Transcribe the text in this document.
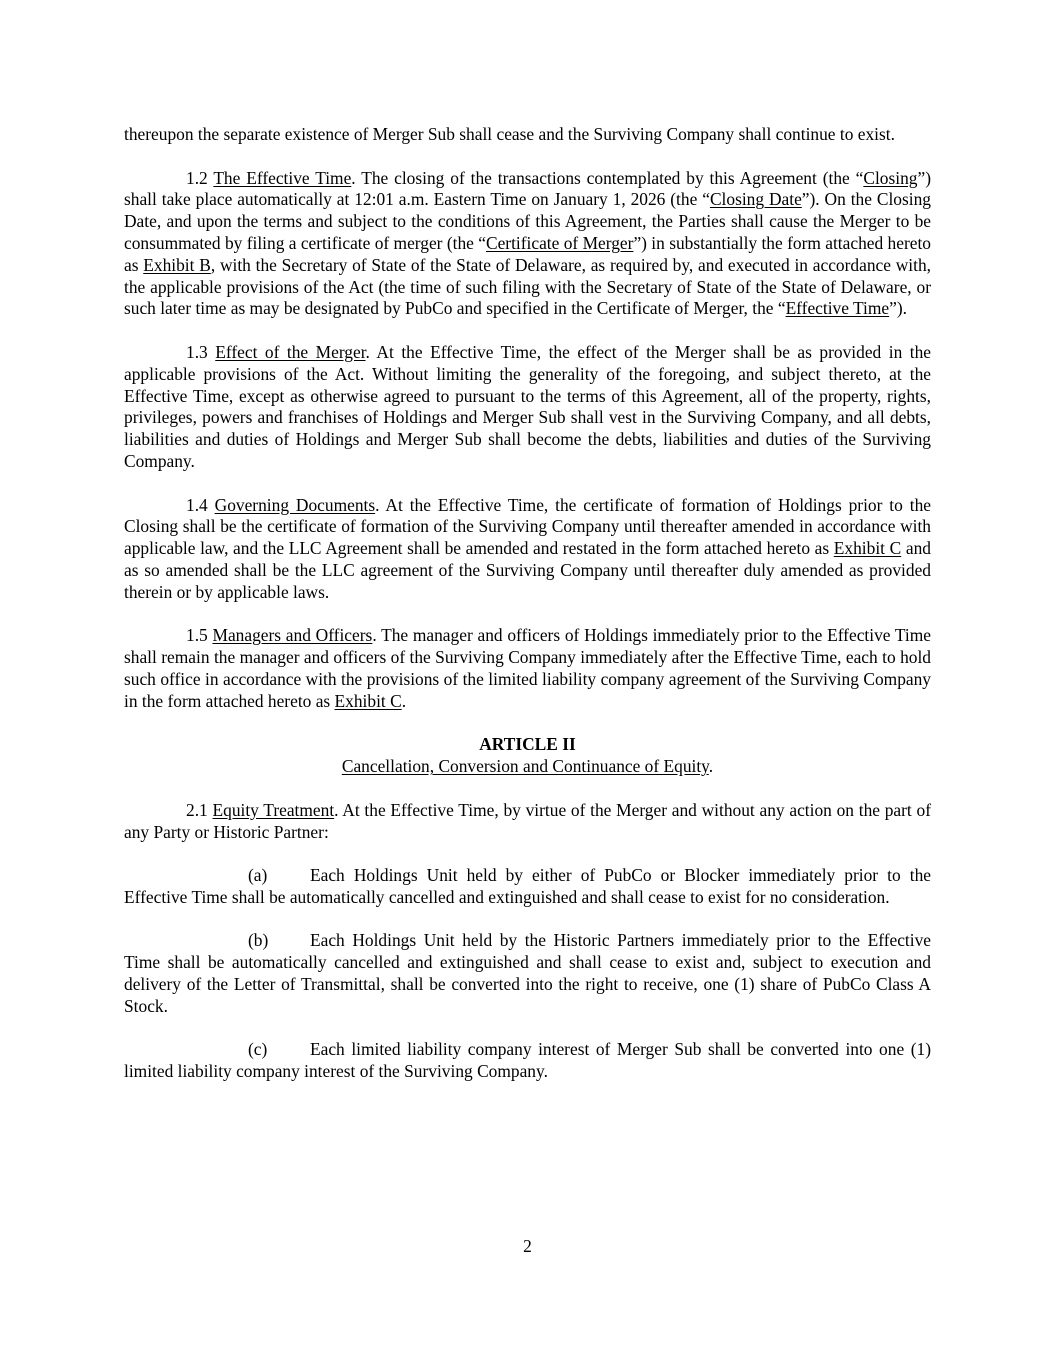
thereupon the separate existence of Merger Sub shall cease and the Surviving Company shall continue to exist.

1.2 The Effective Time. The closing of the transactions contemplated by this Agreement (the “Closing”) shall take place automatically at 12:01 a.m. Eastern Time on January 1, 2026 (the “Closing Date”). On the Closing Date, and upon the terms and subject to the conditions of this Agreement, the Parties shall cause the Merger to be consummated by filing a certificate of merger (the “Certificate of Merger”) in substantially the form attached hereto as Exhibit B, with the Secretary of State of the State of Delaware, as required by, and executed in accordance with, the applicable provisions of the Act (the time of such filing with the Secretary of State of the State of Delaware, or such later time as may be designated by PubCo and specified in the Certificate of Merger, the “Effective Time”).

1.3 Effect of the Merger. At the Effective Time, the effect of the Merger shall be as provided in the applicable provisions of the Act. Without limiting the generality of the foregoing, and subject thereto, at the Effective Time, except as otherwise agreed to pursuant to the terms of this Agreement, all of the property, rights, privileges, powers and franchises of Holdings and Merger Sub shall vest in the Surviving Company, and all debts, liabilities and duties of Holdings and Merger Sub shall become the debts, liabilities and duties of the Surviving Company.

1.4 Governing Documents. At the Effective Time, the certificate of formation of Holdings prior to the Closing shall be the certificate of formation of the Surviving Company until thereafter amended in accordance with applicable law, and the LLC Agreement shall be amended and restated in the form attached hereto as Exhibit C and as so amended shall be the LLC agreement of the Surviving Company until thereafter duly amended as provided therein or by applicable laws.

1.5 Managers and Officers. The manager and officers of Holdings immediately prior to the Effective Time shall remain the manager and officers of the Surviving Company immediately after the Effective Time, each to hold such office in accordance with the provisions of the limited liability company agreement of the Surviving Company in the form attached hereto as Exhibit C.

ARTICLE II

Cancellation, Conversion and Continuance of Equity.

2.1 Equity Treatment. At the Effective Time, by virtue of the Merger and without any action on the part of any Party or Historic Partner:

(a) Each Holdings Unit held by either of PubCo or Blocker immediately prior to the Effective Time shall be automatically cancelled and extinguished and shall cease to exist for no consideration.

(b) Each Holdings Unit held by the Historic Partners immediately prior to the Effective Time shall be automatically cancelled and extinguished and shall cease to exist and, subject to execution and delivery of the Letter of Transmittal, shall be converted into the right to receive, one (1) share of PubCo Class A Stock.

(c) Each limited liability company interest of Merger Sub shall be converted into one (1) limited liability company interest of the Surviving Company.

2
